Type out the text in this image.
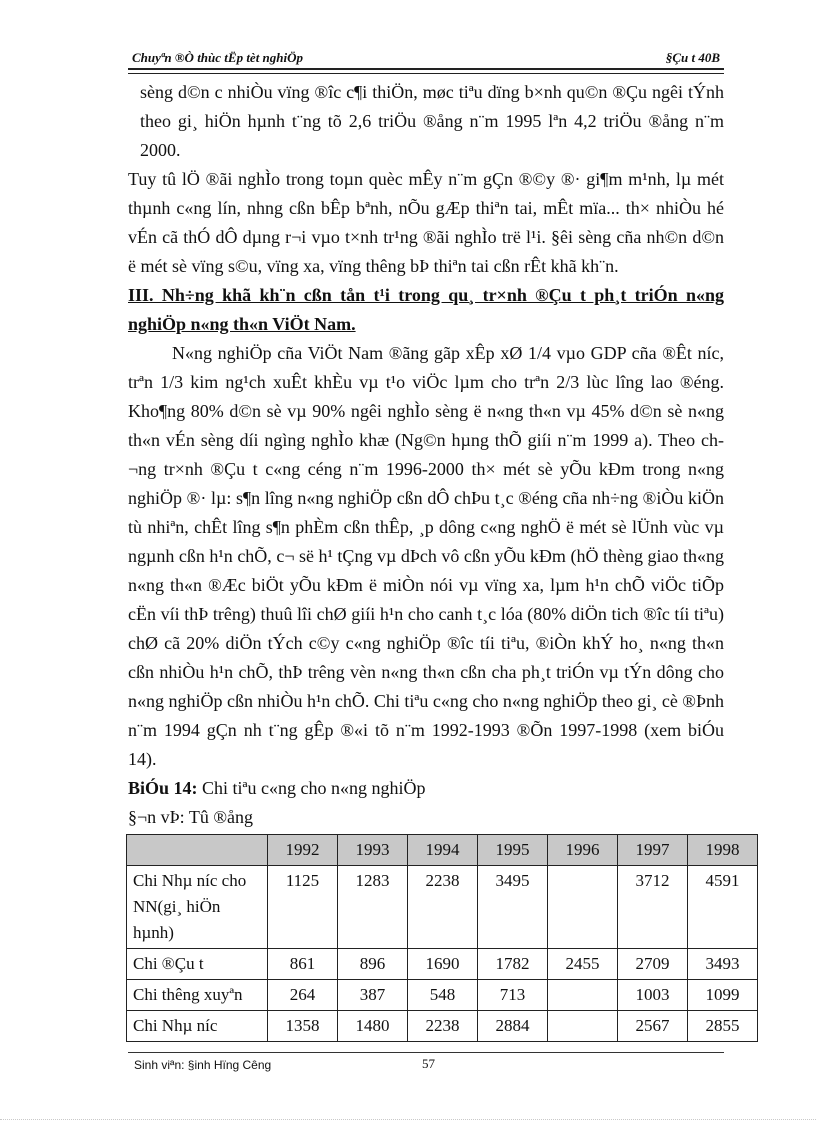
Chuyªn ®Ò thùc tËp tèt nghiÖp	§Çu t 40B

sèng d©n c nhiÒu vïng ®îc c¶i thiÖn, møc tiªu dïng b×nh qu©n ®Çu ngêi tÝnh theo gi¸ hiÖn hµnh t¨ng tõ 2,6 triÖu ®ång n¨m 1995 lªn 4,2 triÖu ®ång n¨m 2000.

Tuy tû lÖ ®ãi nghÌo trong toµn quèc mÊy n¨m gÇn ®©y ®· gi¶m m¹nh, lµ mét thµnh c«ng lín, nhng cßn bÊp bªnh, nÕu gÆp thiªn tai, mÊt mïa... th× nhiÒu hé vÉn cã thÓ dÔ dµng r¬i vµo t×nh tr¹ng ®ãi nghÌo trë l¹i. §êi sèng cña nh©n d©n ë mét sè vïng s©u, vïng xa, vïng thêng bÞ thiªn tai cßn rÊt khã kh¨n.

III. Nh÷ng khã kh¨n cßn tån t¹i trong qu¸ tr×nh ®Çu t ph¸t triÓn n«ng nghiÖp n«ng th«n ViÖt Nam.

N«ng nghiÖp cña ViÖt Nam ®ãng gãp xÊp xØ 1/4 vµo GDP cña ®Êt níc, trªn 1/3 kim ng¹ch xuÊt khÈu vµ t¹o viÖc lµm cho trªn 2/3 lùc lîng lao ®éng. Kho¶ng 80% d©n sè vµ 90% ngêi nghÌo sèng ë n«ng th«n vµ 45% d©n sè n«ng th«n vÉn sèng díi ngìng nghÌo khæ (Ng©n hµng thÕ giíi n¨m 1999 a). Theo ch¬ng tr×nh ®Çu t c«ng céng n¨m 1996-2000 th× mét sè yÕu kÐm trong n«ng nghiÖp ®· lµ: s¶n lîng n«ng nghiÖp cßn dÔ chÞu t¸c ®éng cña nh÷ng ®iÒu kiÖn tù nhiªn, chÊt lîng s¶n phÈm cßn thÊp, ¸p dông c«ng nghÖ ë mét sè lÜnh vùc vµ ngµnh cßn h¹n chÕ, c¬ së h¹ tÇng vµ dÞch vô cßn yÕu kÐm (hÖ thèng giao th«ng n«ng th«n ®Æc biÖt yÕu kÐm ë miÒn nói vµ vïng xa, lµm h¹n chÕ viÖc tiÕp cËn víi thÞ trêng) thuû lîi chØ giíi h¹n cho canh t¸c lóa (80% diÖn tich ®îc tíi tiªu) chØ cã 20% diÖn tÝch c©y c«ng nghiÖp ®îc tíi tiªu, ®iÒn khÝ ho¸ n«ng th«n cßn nhiÒu h¹n chÕ, thÞ trêng vèn n«ng th«n cßn cha ph¸t triÓn vµ tÝn dông cho n«ng nghiÖp cßn nhiÒu h¹n chÕ. Chi tiªu c«ng cho n«ng nghiÖp theo gi¸ cè ®Þnh n¨m 1994 gÇn nh t¨ng gÊp ®«i tõ n¨m 1992-1993 ®Õn 1997-1998 (xem biÓu 14).

BiÓu 14: Chi tiªu c«ng cho n«ng nghiÖp

§¬n vÞ: Tû ®ång

	1992	1993	1994	1995	1996	1997	1998
Chi Nhµ níc cho NN(gi¸ hiÖn hµnh)	1125	1283	2238	3495		3712	4591
Chi ®Çu t	861	896	1690	1782	2455	2709	3493
Chi thêng xuyªn	264	387	548	713		1003	1099
Chi Nhµ níc	1358	1480	2238	2884		2567	2855
Sinh viªn: §inh Hïng Cêng	57
